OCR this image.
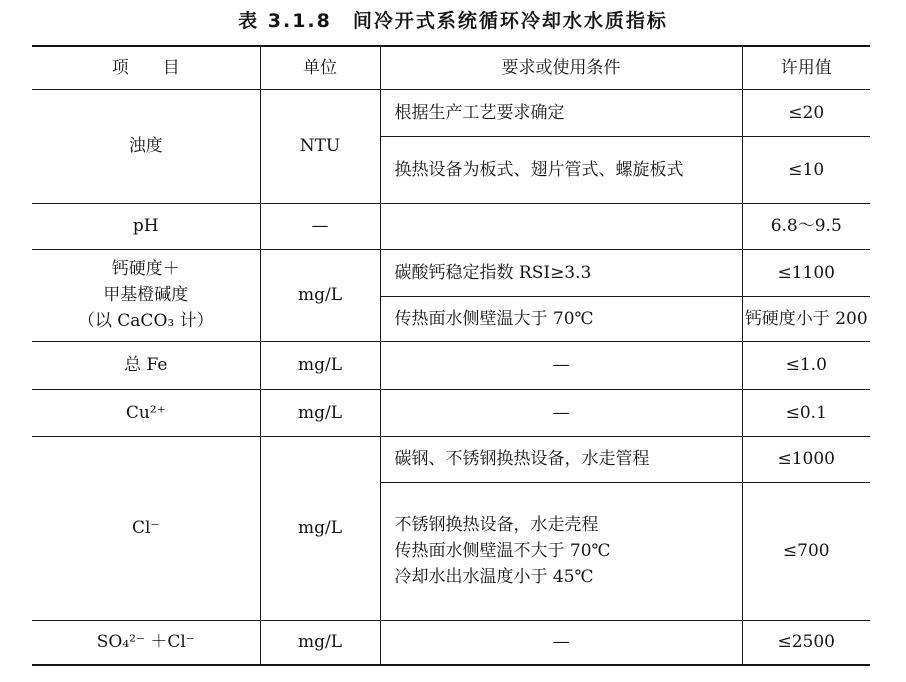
表 3.1.8　间冷开式系统循环冷却水水质指标
项　　目	单位	要求或使用条件	许用值
浊度	NTU	根据生产工艺要求确定	≤20
		换热设备为板式、翅片管式、螺旋板式	≤10
pH	—		6.8～9.5
钙硬度＋
甲基橙碱度
（以 CaCO₃ 计）	mg/L	碳酸钙稳定指数 RSI≥3.3	≤1100
		传热面水侧壁温大于 70℃	钙硬度小于 200
总 Fe	mg/L	—	≤1.0
Cu²⁺	mg/L	—	≤0.1
Cl⁻	mg/L	碳钢、不锈钢换热设备，水走管程	≤1000
		不锈钢换热设备，水走壳程
传热面水侧壁温不大于 70℃
冷却水出水温度小于 45℃	≤700
SO₄²⁻ ＋Cl⁻	mg/L	—	≤2500
